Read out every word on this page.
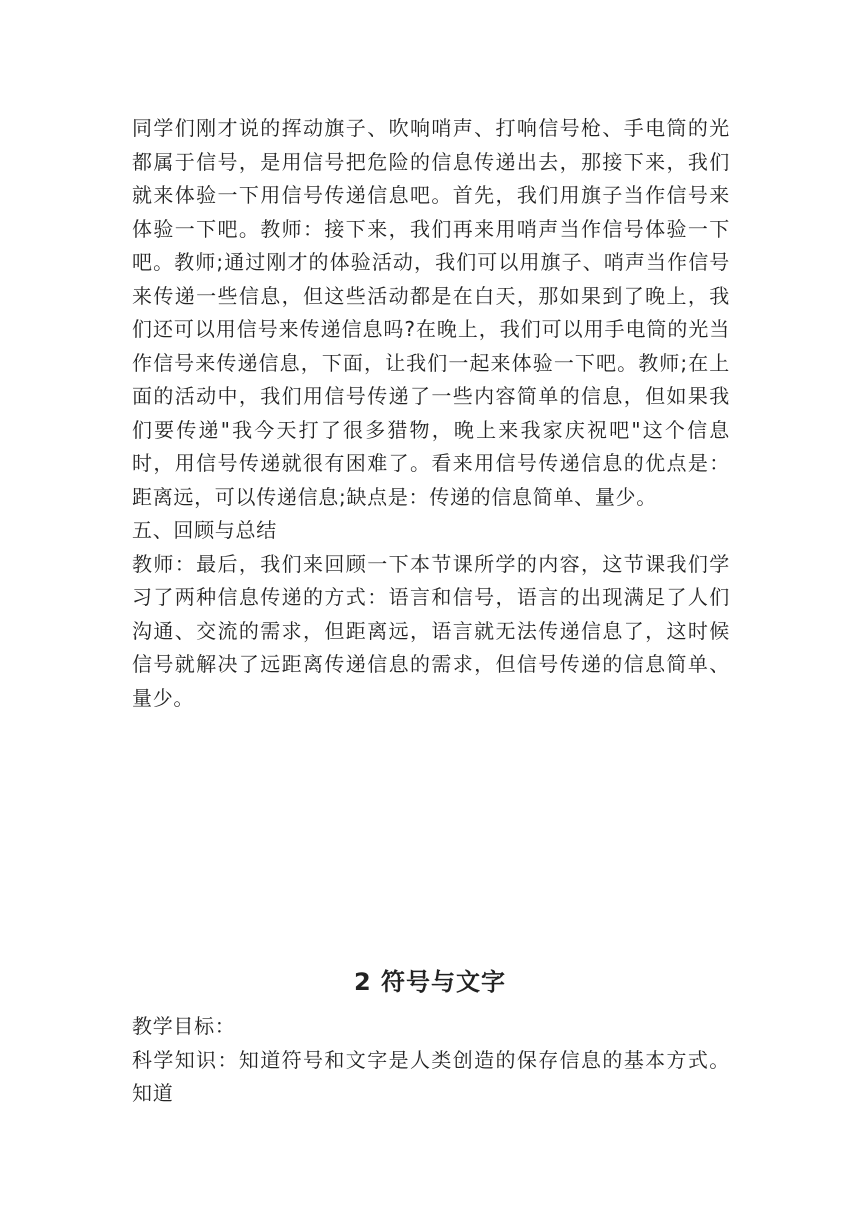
同学们刚才说的挥动旗子、吹响哨声、打响信号枪、手电筒的光都属于信号，是用信号把危险的信息传递出去，那接下来，我们就来体验一下用信号传递信息吧。首先，我们用旗子当作信号来体验一下吧。教师：接下来，我们再来用哨声当作信号体验一下吧。教师;通过刚才的体验活动，我们可以用旗子、哨声当作信号来传递一些信息，但这些活动都是在白天，那如果到了晚上，我们还可以用信号来传递信息吗?在晚上，我们可以用手电筒的光当作信号来传递信息，下面，让我们一起来体验一下吧。教师;在上面的活动中，我们用信号传递了一些内容简单的信息，但如果我们要传递"我今天打了很多猎物，晚上来我家庆祝吧"这个信息时，用信号传递就很有困难了。看来用信号传递信息的优点是：距离远，可以传递信息;缺点是：传递的信息简单、量少。

五、回顾与总结

教师：最后，我们来回顾一下本节课所学的内容，这节课我们学习了两种信息传递的方式：语言和信号，语言的出现满足了人们沟通、交流的需求，但距离远，语言就无法传递信息了，这时候信号就解决了远距离传递信息的需求，但信号传递的信息简单、量少。

2 符号与文字

教学目标：

科学知识：知道符号和文字是人类创造的保存信息的基本方式。知道
